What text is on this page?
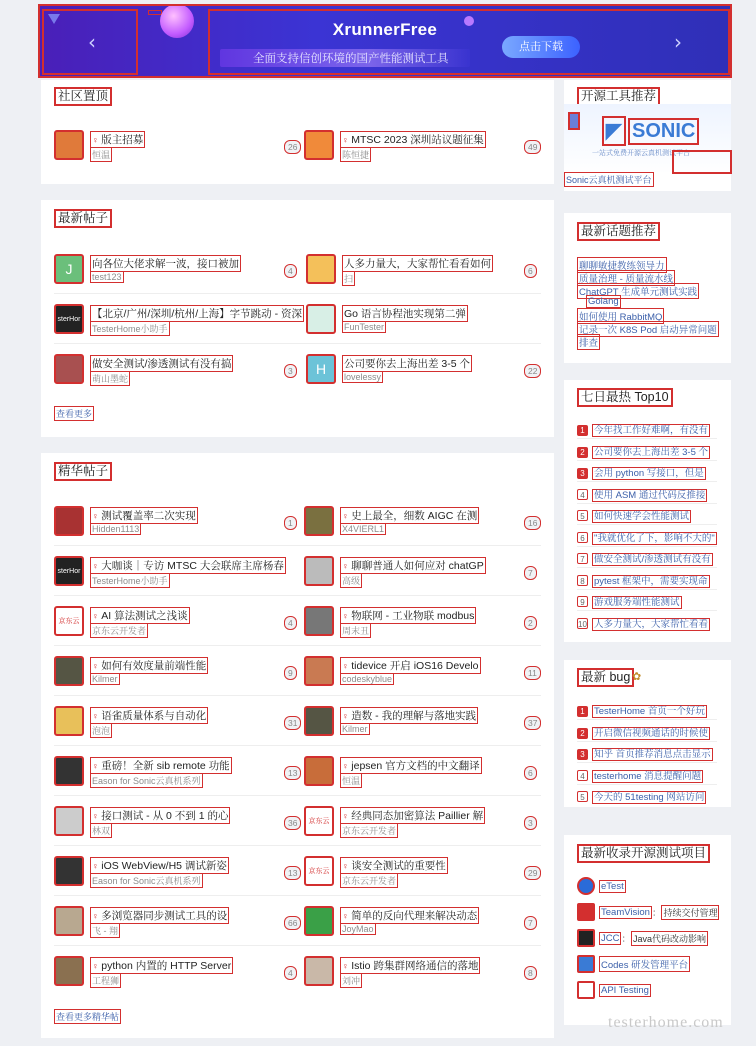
‹
XrunnerFree
全面支持信创环境的国产性能测试工具
点击下载	›
社区置顶
♀ 版主招募
恒温
26
♀ MTSC 2023 深圳站议题征集
陈恒捷
49
最新帖子
J 向各位大佬求解一波，接口被加
test123
4
人多力量大，大家帮忙看看如何
扫
6
sterHor 【北京/广州/深圳/杭州/上海】字节跳动 - 资深
TesterHome小助手
Go 语言协程池实现第二弹
FunTester
做安全测试/渗透测试有没有搞
萌山墨蛇
3 H 公司要你去上海出差 3-5 个
lovelessy
22
查看更多
精华帖子
♀ 测试覆盖率二次实现
Hidden1113
1
♀ 史上最全，细数 AIGC 在测
X4VIERL1
16
sterHor ♀ 大咖谈｜专访 MTSC 大会联席主席杨春
TesterHome小助手
♀ 聊聊普通人如何应对 chatGP
高级
7
京东云
♀ AI 算法测试之浅谈
京东云开发者
4
♀ 物联网 - 工业物联 modbus
周末丑
2
♀ 如何有效度量前端性能
Kilmer
9
♀ tidevice 开启 iOS16 Develo
codeskyblue
11
♀ 语雀质量体系与自动化
泡泡
31
♀ 造数 - 我的理解与落地实践
Kilmer
37
♀ 重磅！全新 sib remote 功能
Eason for Sonic云真机系列
13
♀ jepsen 官方文档的中文翻译
恒温
6
♀ 接口测试 - 从 0 不到 1 的心
林双
36	京东云
♀ 经典同态加密算法 Paillier 解
京东云开发者
3
♀ iOS WebView/H5 调试新姿
Eason for Sonic云真机系列
13	京东云
♀ 谈安全测试的重要性
京东云开发者
29
♀ 多浏览器同步测试工具的设
飞 - 翔
66
♀ 简单的反向代理来解决动态
JoyMao
7
♀ python 内置的 HTTP Server
工程狮
4
♀ Istio 跨集群网络通信的落地
刘冲
8
查看更多精华帖
开源工具推荐
◤ SONIC
一站式免费开源云真机测试平台
Sonic云真机测试平台
最新话题推荐
聊聊敏捷教练领导力
质量治理 - 质量流水线
ChatGPT 生成单元测试实践
Golang
如何使用 RabbitMQ
记录一次 K8S Pod 启动异常问题
排查
七日最热 Top10
1 今年找工作好难啊，有没有
2 公司要你去上海出差 3-5 个
3 会用 python 写接口，但是
4 使用 ASM 通过代码反推接
5 如何快速学会性能测试
6 "我就优化了下，影响不大的"
7 做安全测试/渗透测试有没有
8 pytest 框架中，需要实现命
9 游戏服务端性能测试
10 人多力量大，大家帮忙看看
最新 bug ✿
1 TesterHome 首页一个好玩
2 开启微信视频通话的时候使
3 知乎 首页推荐消息点击显示
4 testerhome 消息提醒问题
5 今天的 51testing 网站访问
最新收录开源测试项目
eTest
TeamVision ： 持续交付管理
JCC ： Java代码改动影响
Codes 研发管理平台
API Testing
testerhome.com
